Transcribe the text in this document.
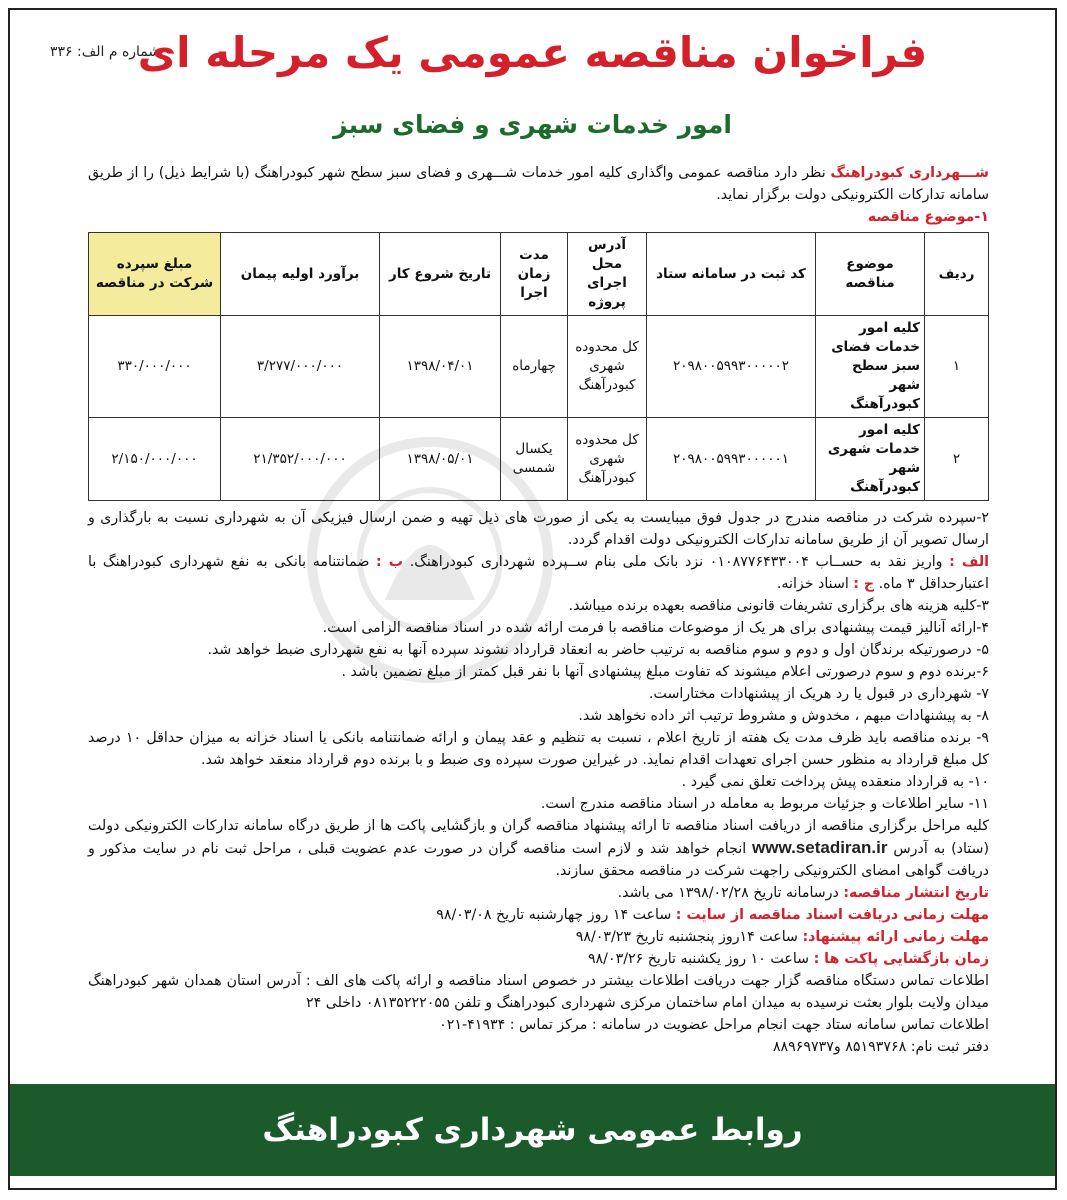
شماره م الف: ۳۳۶
فراخوان مناقصه عمومی یک مرحله ای
امور خدمات شهری و فضای سبز

شـــهرداری کبودراهنگ نظر دارد مناقصه عمومی واگذاری کلیه امور خدمات شـــهری و فضای سبز سطح شهر کبودراهنگ (با شرایط ذیل) را از طریق سامانه تدارکات الکترونیکی دولت برگزار نماید.

۱-موضوع مناقصه

ردیف	موضوع مناقصه	کد ثبت در سامانه ستاد	آدرس محل اجرای پروژه	مدت زمان اجرا	تاریخ شروع کار	برآورد اولیه پیمان	مبلغ سپرده شرکت در مناقصه
۱	کلیه امور خدمات فضای سبز سطح شهر کبودرآهنگ	۲۰۹۸۰۰۵۹۹۳۰۰۰۰۰۲	کل محدوده شهری کبودرآهنگ	چهارماه	۱۳۹۸/۰۴/۰۱	۳/۲۷۷/۰۰۰/۰۰۰	۳۳۰/۰۰۰/۰۰۰
۲	کلیه امور خدمات شهری شهر کبودرآهنگ	۲۰۹۸۰۰۵۹۹۳۰۰۰۰۰۱	کل محدوده شهری کبودرآهنگ	یکسال شمسی	۱۳۹۸/۰۵/۰۱	۲۱/۳۵۲/۰۰۰/۰۰۰	۲/۱۵۰/۰۰۰/۰۰۰

۲-سپرده شرکت در مناقصه مندرج در جدول فوق میبایست به یکی از صورت های ذیل تهیه و ضمن ارسال فیزیکی آن به شهرداری نسبت به بارگذاری و ارسال تصویر آن از طریق سامانه تدارکات الکترونیکی دولت اقدام گردد.

الف : واریز نقد به حســاب ۰۱۰۸۷۷۶۴۳۳۰۰۴ نزد بانک ملی بنام ســپرده شهرداری کبودراهنگ. ب : ضمانتنامه بانکی به نفع شهرداری کبودراهنگ با اعتبارحداقل ۳ ماه. ج : اسناد خزانه.

۳-کلیه هزینه های برگزاری تشریفات قانونی مناقصه بعهده برنده میباشد.

۴-ارائه آنالیز قیمت پیشنهادی برای هر یک از موضوعات مناقصه با فرمت ارائه شده در اسناد مناقصه الزامی است.

۵- درصورتیکه برندگان اول و دوم و سوم مناقصه به ترتیب حاضر به انعقاد قرارداد نشوند سپرده آنها به نفع شهرداری ضبط خواهد شد.

۶-برنده دوم و سوم درصورتی اعلام میشوند که تفاوت مبلغ پیشنهادی آنها با نفر قبل کمتر از مبلغ تضمین باشد .

۷- شهرداری در قبول یا رد هریک از پیشنهادات مختاراست.

۸- به پیشنهادات مبهم ، مخدوش و مشروط ترتیب اثر داده نخواهد شد.

۹- برنده مناقصه باید ظرف مدت یک هفته از تاریخ اعلام ، نسبت به تنظیم و عقد پیمان و ارائه ضمانتنامه بانکی یا اسناد خزانه به میزان حداقل ۱۰ درصد کل مبلغ قرارداد به منظور حسن اجرای تعهدات اقدام نماید. در غیراین صورت سپرده وی ضبط و با برنده دوم قرارداد منعقد خواهد شد.

۱۰- به قرارداد منعقده پیش پرداخت تعلق نمی گیرد .

۱۱- سایر اطلاعات و جزئیات مربوط به معامله در اسناد مناقصه مندرج است.

کلیه مراحل برگزاری مناقصه از دریافت اسناد مناقصه تا ارائه پیشنهاد مناقصه گران و بازگشایی پاکت ها از طریق درگاه سامانه تدارکات الکترونیکی دولت (ستاد) به آدرس www.setadiran.ir انجام خواهد شد و لازم است مناقصه گران در صورت عدم عضویت قبلی ، مراحل ثبت نام در سایت مذکور و دریافت گواهی امضای الکترونیکی راجهت شرکت در مناقصه محقق سازند.

تاریخ انتشار مناقصه: درسامانه تاریخ ۱۳۹۸/۰۲/۲۸ می باشد.

مهلت زمانی دریافت اسناد مناقصه از سایت : ساعت ۱۴ روز چهارشنبه تاریخ ۹۸/۰۳/۰۸

مهلت زمانی ارائه پیشنهاد: ساعت ۱۴روز پنجشنبه تاریخ ۹۸/۰۳/۲۳

زمان بازگشایی پاکت ها : ساعت ۱۰ روز یکشنبه تاریخ ۹۸/۰۳/۲۶

اطلاعات تماس دستگاه مناقصه گزار جهت دریافت اطلاعات بیشتر در خصوص اسناد مناقصه و ارائه پاکت های الف : آدرس استان همدان شهر کبودراهنگ میدان ولایت بلوار بعثت نرسیده به میدان امام ساختمان مرکزی شهرداری کبودراهنگ و تلفن ۰۸۱۳۵۲۲۲۰۵۵ داخلی ۲۴

اطلاعات تماس سامانه ستاد جهت انجام مراحل عضویت در سامانه : مرکز تماس : ۴۱۹۳۴-۰۲۱

دفتر ثبت نام: ۸۵۱۹۳۷۶۸ و۸۸۹۶۹۷۳۷

روابط عمومی شهرداری کبودراهنگ
